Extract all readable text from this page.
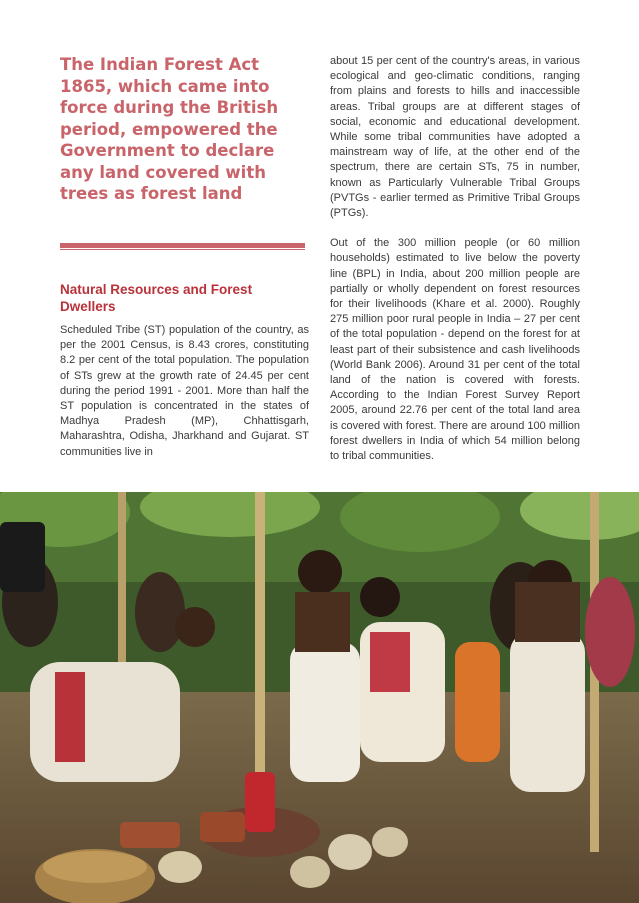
The Indian Forest Act 1865, which came into force during the British period, empowered the Government to declare any land covered with trees as forest land
Natural Resources and Forest Dwellers

Scheduled Tribe (ST) population of the country, as per the 2001 Census, is 8.43 crores, constituting 8.2 per cent of the total population. The population of STs grew at the growth rate of 24.45 per cent during the period 1991 - 2001. More than half the ST population is concentrated in the states of Madhya Pradesh (MP), Chhattisgarh, Maharashtra, Odisha, Jharkhand and Gujarat. ST communities live in

about 15 per cent of the country's areas, in various ecological and geo-climatic conditions, ranging from plains and forests to hills and inaccessible areas. Tribal groups are at different stages of social, economic and educational development. While some tribal communities have adopted a mainstream way of life, at the other end of the spectrum, there are certain STs, 75 in number, known as Particularly Vulnerable Tribal Groups (PVTGs - earlier termed as Primitive Tribal Groups (PTGs).

Out of the 300 million people (or 60 million households) estimated to live below the poverty line (BPL) in India, about 200 million people are partially or wholly dependent on forest resources for their livelihoods (Khare et al. 2000). Roughly 275 million poor rural people in India – 27 per cent of the total population - depend on the forest for at least part of their subsistence and cash livelihoods (World Bank 2006). Around 31 per cent of the total land of the nation is covered with forests. According to the Indian Forest Survey Report 2005, around 22.76 per cent of the total land area is covered with forest. There are around 100 million forest dwellers in India of which 54 million belong to tribal communities.
